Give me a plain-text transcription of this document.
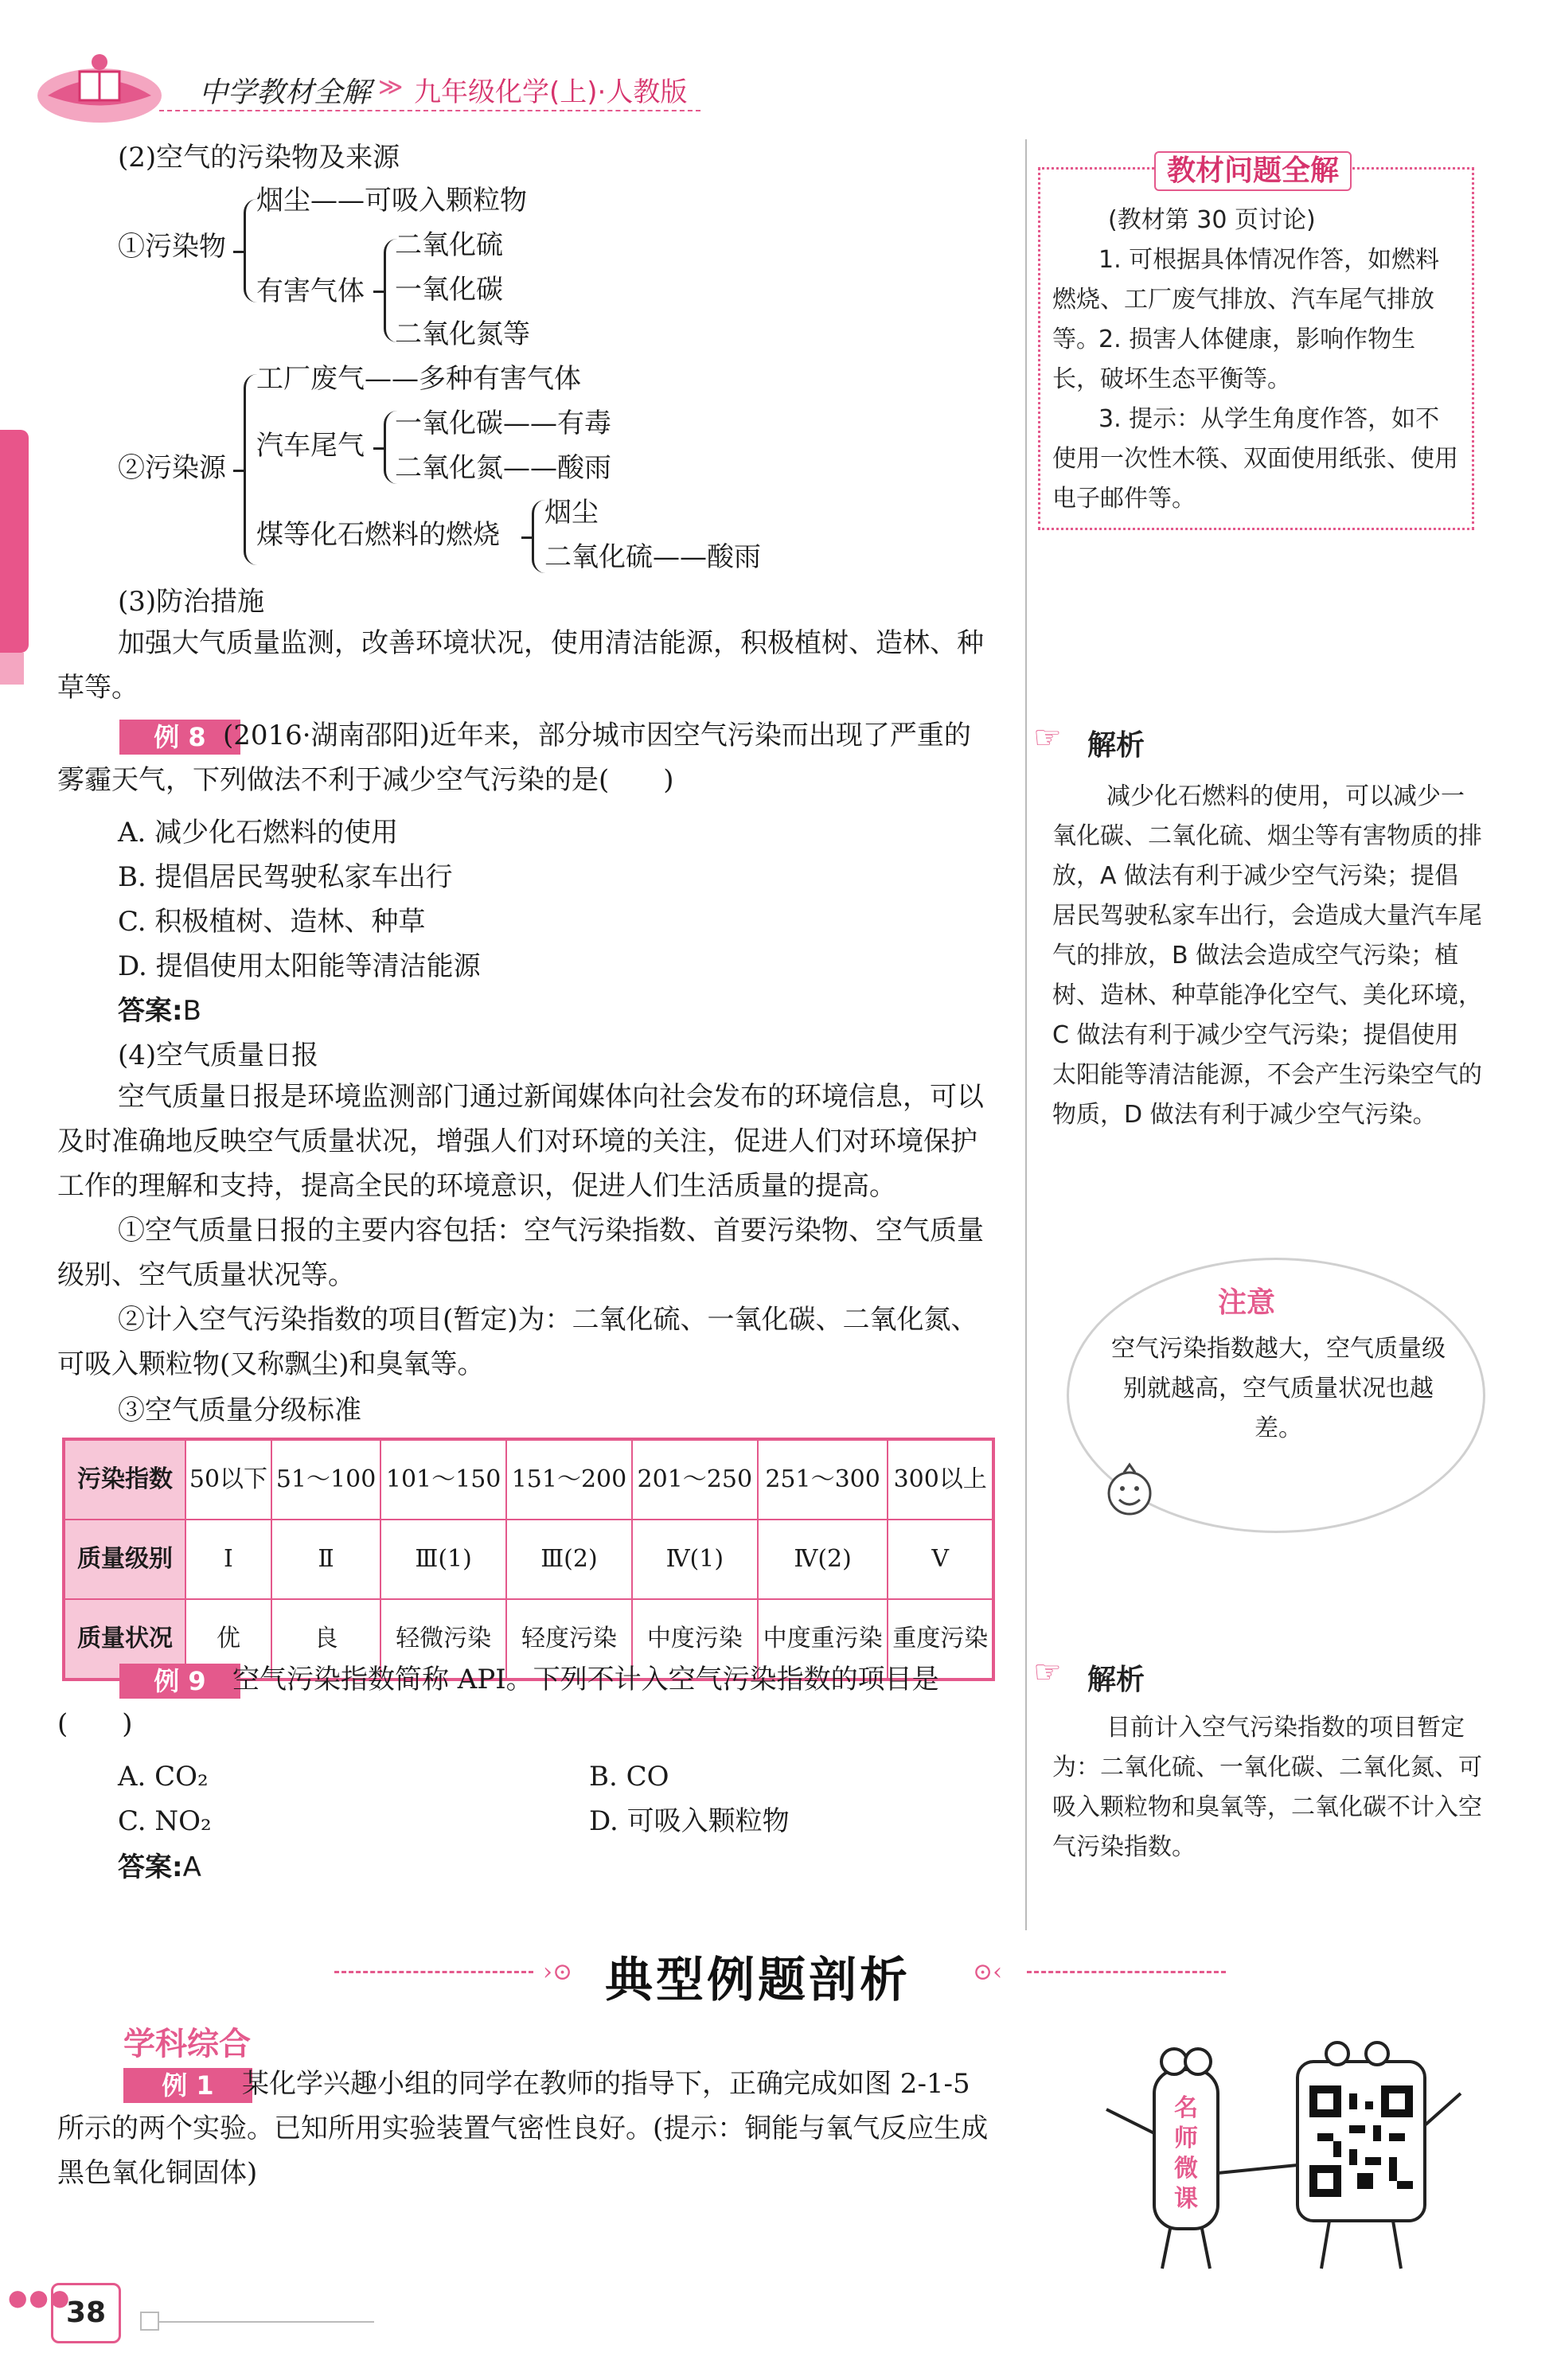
中学教材全解 ≫ 九年级化学(上)·人教版
(2)空气的污染物及来源
①污染物
烟尘——可吸入颗粒物
有害气体
二氧化硫
一氧化碳
二氧化氮等
②污染源
工厂废气——多种有害气体
汽车尾气
一氧化碳——有毒
二氧化氮——酸雨
煤等化石燃料的燃烧
烟尘
二氧化硫——酸雨
(3)防治措施
加强大气质量监测，改善环境状况，使用清洁能源，积极植树、造林、种草等。
例 8 (2016·湖南邵阳)近年来，部分城市因空气污染而出现了严重的雾霾天气，下列做法不利于减少空气污染的是(　　)
A. 减少化石燃料的使用
B. 提倡居民驾驶私家车出行
C. 积极植树、造林、种草
D. 提倡使用太阳能等清洁能源
答案:B
(4)空气质量日报
空气质量日报是环境监测部门通过新闻媒体向社会发布的环境信息，可以及时准确地反映空气质量状况，增强人们对环境的关注，促进人们对环境保护工作的理解和支持，提高全民的环境意识，促进人们生活质量的提高。
①空气质量日报的主要内容包括：空气污染指数、首要污染物、空气质量级别、空气质量状况等。
②计入空气污染指数的项目(暂定)为：二氧化硫、一氧化碳、二氧化氮、可吸入颗粒物(又称飘尘)和臭氧等。
③空气质量分级标准
污染指数	50以下	51～100	101～150	151～200	201～250	251～300	300以上
质量级别	Ⅰ	Ⅱ	Ⅲ(1)	Ⅲ(2)	Ⅳ(1)	Ⅳ(2)	Ⅴ
质量状况	优	良	轻微污染	轻度污染	中度污染	中度重污染	重度污染
例 9 空气污染指数简称 API。下列不计入空气污染指数的项目是(　　)
A. CO₂	B. CO
C. NO₂	D. 可吸入颗粒物
答案:A
›⊙ 典型例题剖析	⊙‹
学科综合
例 1	某化学兴趣小组的同学在教师的指导下，正确完成如图 2-1-5 所示的两个实验。已知所用实验装置气密性良好。(提示：铜能与氧气反应生成黑色氧化铜固体)
教材问题全解
(教材第 30 页讨论)
1. 可根据具体情况作答，如燃料燃烧、工厂废气排放、汽车尾气排放等。
2. 损害人体健康，影响作物生长，破坏生态平衡等。
3. 提示：从学生角度作答，如不使用一次性木筷、双面使用纸张、使用电子邮件等。
☞ 解析
减少化石燃料的使用，可以减少一氧化碳、二氧化硫、烟尘等有害物质的排放，A 做法有利于减少空气污染；提倡居民驾驶私家车出行，会造成大量汽车尾气的排放，B 做法会造成空气污染；植树、造林、种草能净化空气、美化环境，C 做法有利于减少空气污染；提倡使用太阳能等清洁能源，不会产生污染空气的物质，D 做法有利于减少空气污染。
注意
空气污染指数越大，空气质量级别就越高，空气质量状况也越差。
☞ 解析
目前计入空气污染指数的项目暂定为：二氧化硫、一氧化碳、二氧化氮、可吸入颗粒物和臭氧等，二氧化碳不计入空气污染指数。
名师微课
●●●
38
